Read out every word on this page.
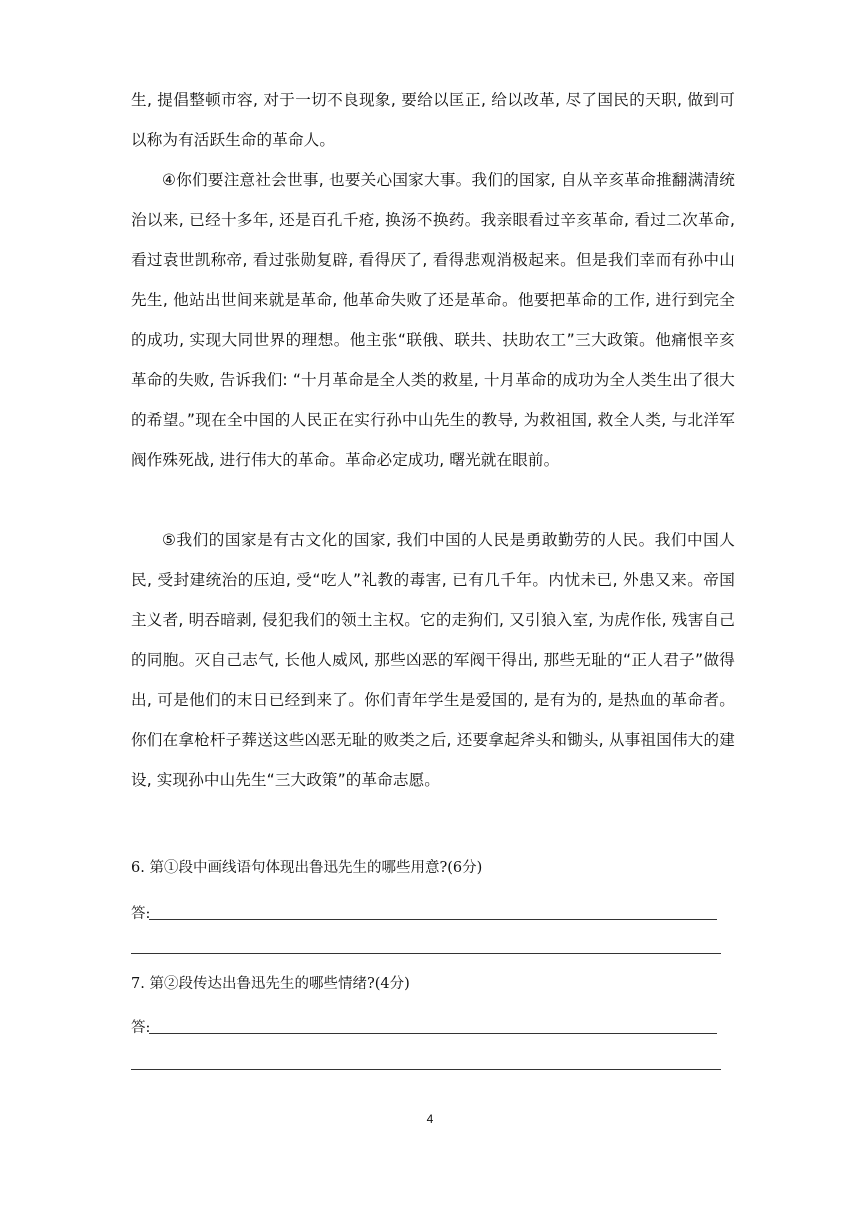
生, 提倡整顿市容, 对于一切不良现象, 要给以匡正, 给以改革, 尽了国民的天职, 做到可以称为有活跃生命的革命人。

④你们要注意社会世事, 也要关心国家大事。我们的国家, 自从辛亥革命推翻满清统治以来, 已经十多年, 还是百孔千疮, 换汤不换药。我亲眼看过辛亥革命, 看过二次革命, 看过袁世凯称帝, 看过张勋复辟, 看得厌了, 看得悲观消极起来。但是我们幸而有孙中山先生, 他站出世间来就是革命, 他革命失败了还是革命。他要把革命的工作, 进行到完全的成功, 实现大同世界的理想。他主张“联俄、联共、扶助农工”三大政策。他痛恨辛亥革命的失败, 告诉我们: “十月革命是全人类的救星, 十月革命的成功为全人类生出了很大的希望。”现在全中国的人民正在实行孙中山先生的教导, 为救祖国, 救全人类, 与北洋军阀作殊死战, 进行伟大的革命。革命必定成功, 曙光就在眼前。

⑤我们的国家是有古文化的国家, 我们中国的人民是勇敢勤劳的人民。我们中国人民, 受封建统治的压迫, 受“吃人”礼教的毒害, 已有几千年。内忧未已, 外患又来。帝国主义者, 明吞暗剥, 侵犯我们的领土主权。它的走狗们, 又引狼入室, 为虎作伥, 残害自己的同胞。灭自己志气, 长他人威风, 那些凶恶的军阀干得出, 那些无耻的“正人君子”做得出, 可是他们的末日已经到来了。你们青年学生是爱国的, 是有为的, 是热血的革命者。你们在拿枪杆子葬送这些凶恶无耻的败类之后, 还要拿起斧头和锄头, 从事祖国伟大的建设, 实现孙中山先生“三大政策”的革命志愿。

6. 第①段中画线语句体现出鲁迅先生的哪些用意?(6分)
答:
7. 第②段传达出鲁迅先生的哪些情绪?(4分)
答:
4
